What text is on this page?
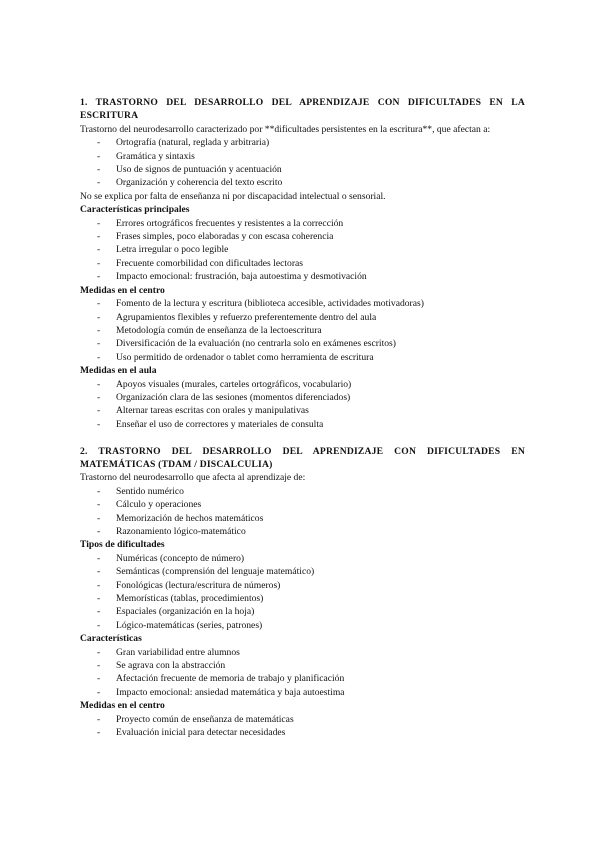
1. TRASTORNO DEL DESARROLLO DEL APRENDIZAJE CON DIFICULTADES EN LA
ESCRITURA

Trastorno del neurodesarrollo caracterizado por **dificultades persistentes en la escritura**, que afectan a:

- Ortografía (natural, reglada y arbitraria)
- Gramática y sintaxis
- Uso de signos de puntuación y acentuación
- Organización y coherencia del texto escrito

No se explica por falta de enseñanza ni por discapacidad intelectual o sensorial.

Características principales

- Errores ortográficos frecuentes y resistentes a la corrección
- Frases simples, poco elaboradas y con escasa coherencia
- Letra irregular o poco legible
- Frecuente comorbilidad con dificultades lectoras
- Impacto emocional: frustración, baja autoestima y desmotivación

Medidas en el centro

- Fomento de la lectura y escritura (biblioteca accesible, actividades motivadoras)
- Agrupamientos flexibles y refuerzo preferentemente dentro del aula
- Metodología común de enseñanza de la lectoescritura
- Diversificación de la evaluación (no centrarla solo en exámenes escritos)
- Uso permitido de ordenador o tablet como herramienta de escritura

Medidas en el aula

- Apoyos visuales (murales, carteles ortográficos, vocabulario)
- Organización clara de las sesiones (momentos diferenciados)
- Alternar tareas escritas con orales y manipulativas
- Enseñar el uso de correctores y materiales de consulta
2. TRASTORNO DEL DESARROLLO DEL APRENDIZAJE CON DIFICULTADES EN
MATEMÁTICAS (TDAM / DISCALCULIA)

Trastorno del neurodesarrollo que afecta al aprendizaje de:

- Sentido numérico
- Cálculo y operaciones
- Memorización de hechos matemáticos
- Razonamiento lógico-matemático

Tipos de dificultades

- Numéricas (concepto de número)
- Semánticas (comprensión del lenguaje matemático)
- Fonológicas (lectura/escritura de números)
- Memorísticas (tablas, procedimientos)
- Espaciales (organización en la hoja)
- Lógico-matemáticas (series, patrones)

Características

- Gran variabilidad entre alumnos
- Se agrava con la abstracción
- Afectación frecuente de memoria de trabajo y planificación
- Impacto emocional: ansiedad matemática y baja autoestima

Medidas en el centro

- Proyecto común de enseñanza de matemáticas
- Evaluación inicial para detectar necesidades
